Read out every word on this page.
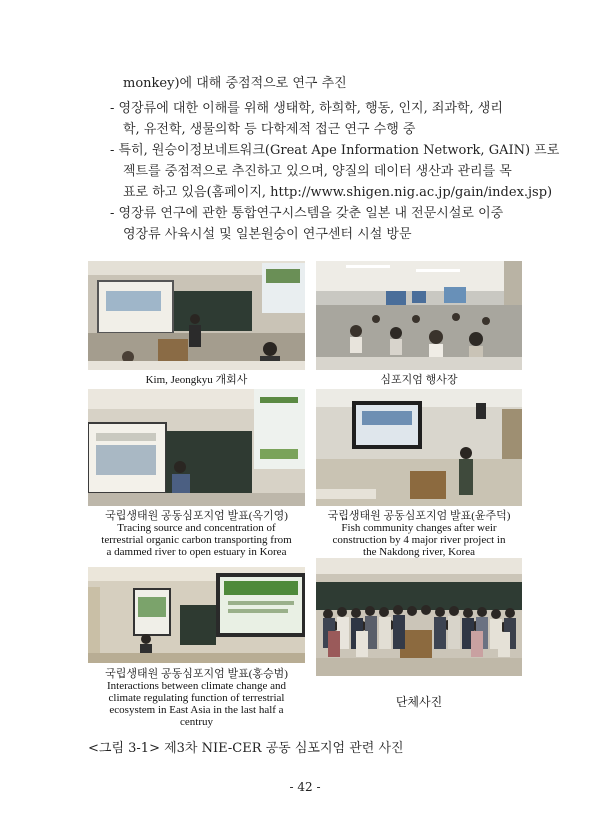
monkey)에 대해 중점적으로 연구 추진
- 영장류에 대한 이해를 위해 생태학, 하희학, 행동, 인지, 죄과학, 생리
학, 유전학, 생물의학 등 다학제적 접근 연구 수행 중
- 특히, 원승이정보네트워크(Great Ape Information Network, GAIN) 프로
젝트를 중점적으로 추진하고 있으며, 양질의 데이터 생산과 관리를 목
표로 하고 있음(홈페이지, http://www.shigen.nig.ac.jp/gain/index.jsp)
- 영장류 연구에 관한 통합연구시스템을 갖춘 일본 내 전문시설로 이중
영장류 사육시설 및 일본원숭이 연구센터 시설 방문
Kim, Jeongkyu 개회사	심포지엄 행사장
국립생태원 공동심포지엄 발표(옥기영)
Tracing source and concentration of
terrestrial organic carbon transporting from
a dammed river to open estuary in Korea
국립생태원 공동심포지엄 발표(윤주덕)
Fish community changes after weir
construction by 4 major river project in
the Nakdong river, Korea
국립생태원 공동심포지엄 발표(홍승범)
Interactions between climate change and
climate regulating function of terrestrial
ecosystem in East Asia in the last half a
centruy
단체사진
<그림 3-1> 제3차 NIE-CER 공동 심포지엄 관련 사진
- 42 -
